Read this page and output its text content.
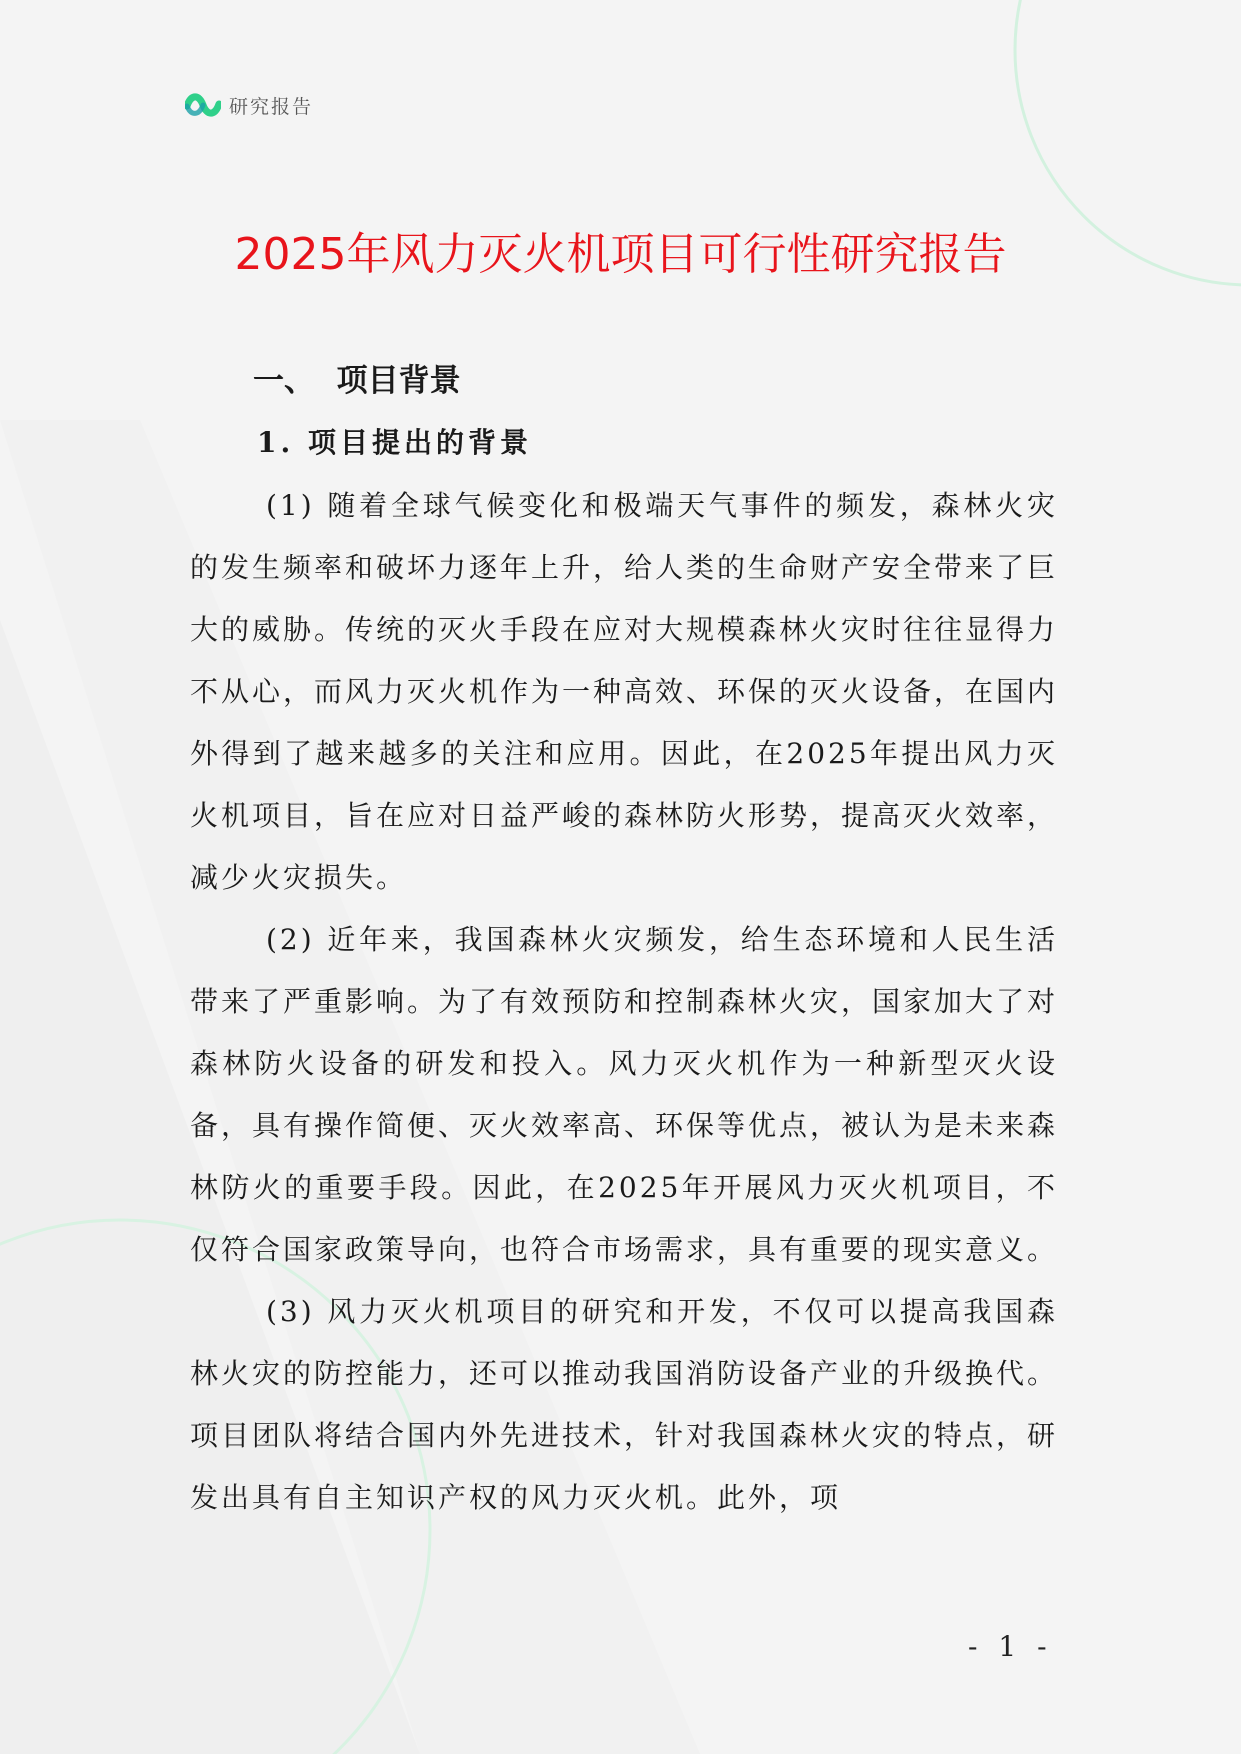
研究报告
2025年风力灭火机项目可行性研究报告
一、  项目背景
1. 项目提出的背景

(1) 随着全球气候变化和极端天气事件的频发，森林火灾的发生频率和破坏力逐年上升，给人类的生命财产安全带来了巨大的威胁。传统的灭火手段在应对大规模森林火灾时往往显得力不从心，而风力灭火机作为一种高效、环保的灭火设备，在国内外得到了越来越多的关注和应用。因此，在2025年提出风力灭火机项目，旨在应对日益严峻的森林防火形势，提高灭火效率，减少火灾损失。

(2) 近年来，我国森林火灾频发，给生态环境和人民生活带来了严重影响。为了有效预防和控制森林火灾，国家加大了对森林防火设备的研发和投入。风力灭火机作为一种新型灭火设备，具有操作简便、灭火效率高、环保等优点，被认为是未来森林防火的重要手段。因此，在2025年开展风力灭火机项目，不仅符合国家政策导向，也符合市场需求，具有重要的现实意义。

(3) 风力灭火机项目的研究和开发，不仅可以提高我国森林火灾的防控能力，还可以推动我国消防设备产业的升级换代。项目团队将结合国内外先进技术，针对我国森林火灾的特点，研发出具有自主知识产权的风力灭火机。此外，项

- 1 -
